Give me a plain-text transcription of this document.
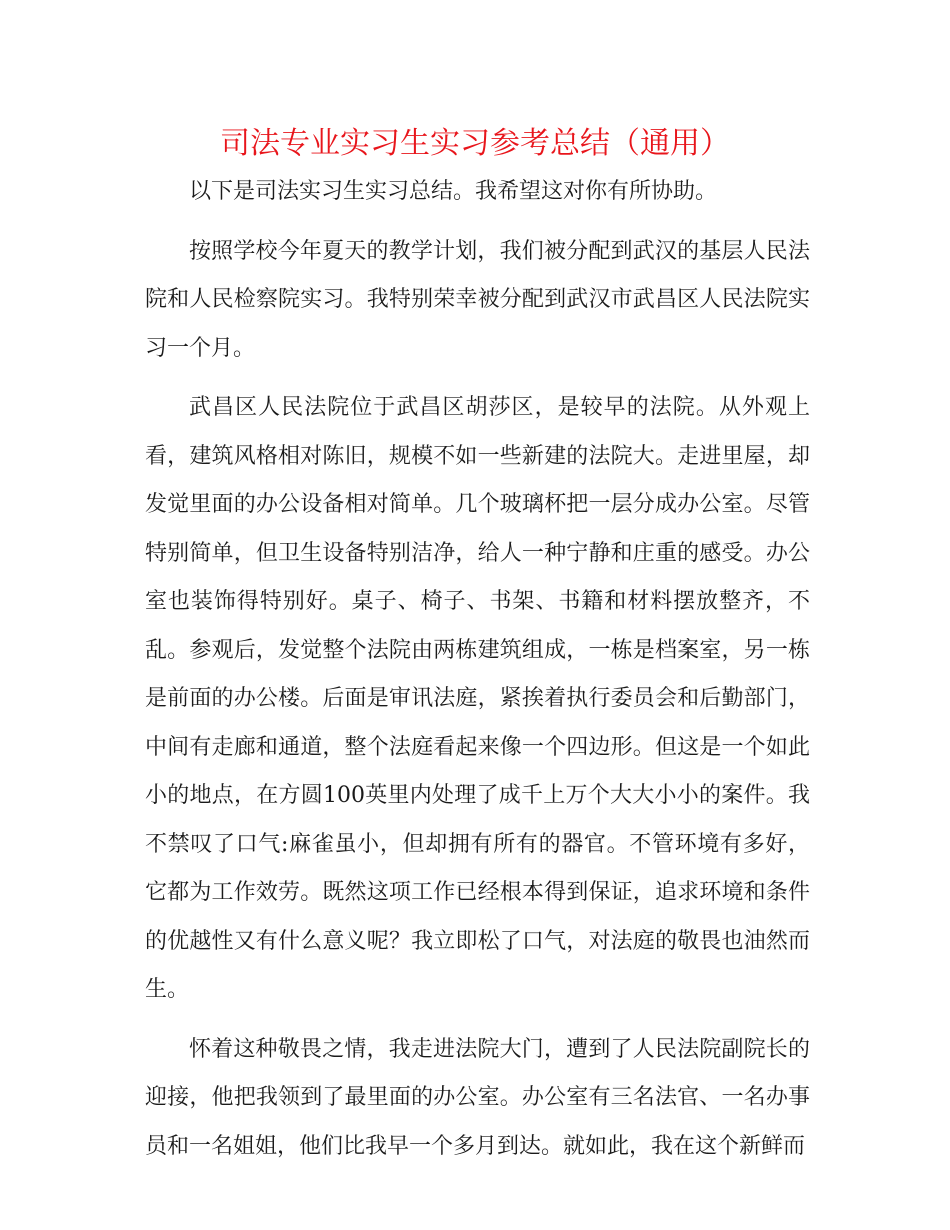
司法专业实习生实习参考总结（通用）

以下是司法实习生实习总结。我希望这对你有所协助。

按照学校今年夏天的教学计划，我们被分配到武汉的基层人民法院和人民检察院实习。我特别荣幸被分配到武汉市武昌区人民法院实习一个月。

武昌区人民法院位于武昌区胡莎区，是较早的法院。从外观上看，建筑风格相对陈旧，规模不如一些新建的法院大。走进里屋，却发觉里面的办公设备相对简单。几个玻璃杯把一层分成办公室。尽管特别简单，但卫生设备特别洁净，给人一种宁静和庄重的感受。办公室也装饰得特别好。桌子、椅子、书架、书籍和材料摆放整齐，不乱。参观后，发觉整个法院由两栋建筑组成，一栋是档案室，另一栋是前面的办公楼。后面是审讯法庭，紧挨着执行委员会和后勤部门，中间有走廊和通道，整个法庭看起来像一个四边形。但这是一个如此小的地点，在方圆100英里内处理了成千上万个大大小小的案件。我不禁叹了口气:麻雀虽小，但却拥有所有的器官。不管环境有多好，它都为工作效劳。既然这项工作已经根本得到保证，追求环境和条件的优越性又有什么意义呢？我立即松了口气，对法庭的敬畏也油然而生。

怀着这种敬畏之情，我走进法院大门，遭到了人民法院副院长的迎接，他把我领到了最里面的办公室。办公室有三名法官、一名办事员和一名姐姐，他们比我早一个多月到达。就如此，我在这个新鲜而
